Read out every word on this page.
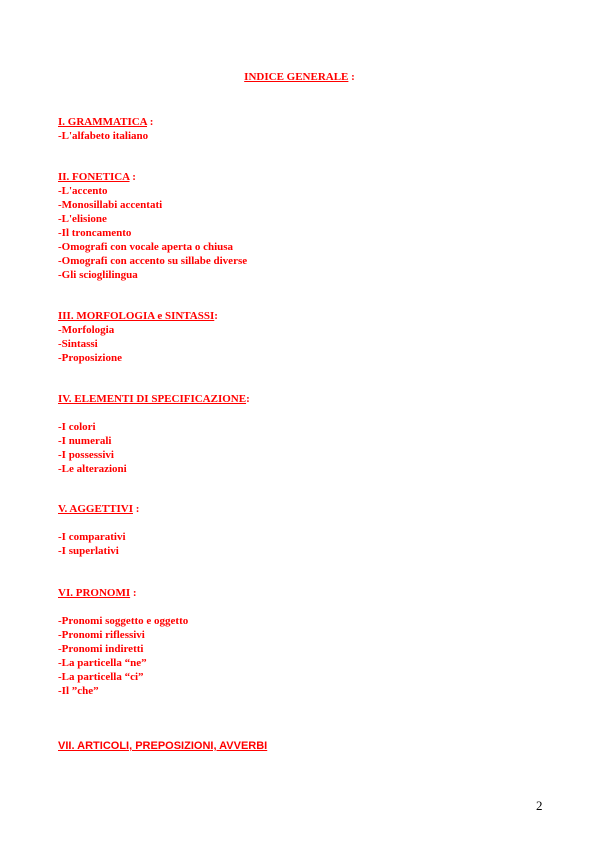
INDICE GENERALE :
I. GRAMMATICA :
-L'alfabeto italiano
II. FONETICA :
-L'accento
-Monosillabi accentati
-L'elisione
-Il troncamento
-Omografi con vocale aperta o chiusa
-Omografi con accento su sillabe diverse
-Gli scioglilingua
III. MORFOLOGIA e SINTASSI:
-Morfologia
-Sintassi
-Proposizione
IV. ELEMENTI DI SPECIFICAZIONE:
-I colori
-I numerali
-I possessivi
-Le alterazioni
V. AGGETTIVI :
-I comparativi
-I superlativi
VI. PRONOMI :
-Pronomi soggetto e oggetto
-Pronomi riflessivi
-Pronomi indiretti
-La particella “ne”
-La particella “ci”
-Il ”che”
VII. ARTICOLI, PREPOSIZIONI, AVVERBI
2
